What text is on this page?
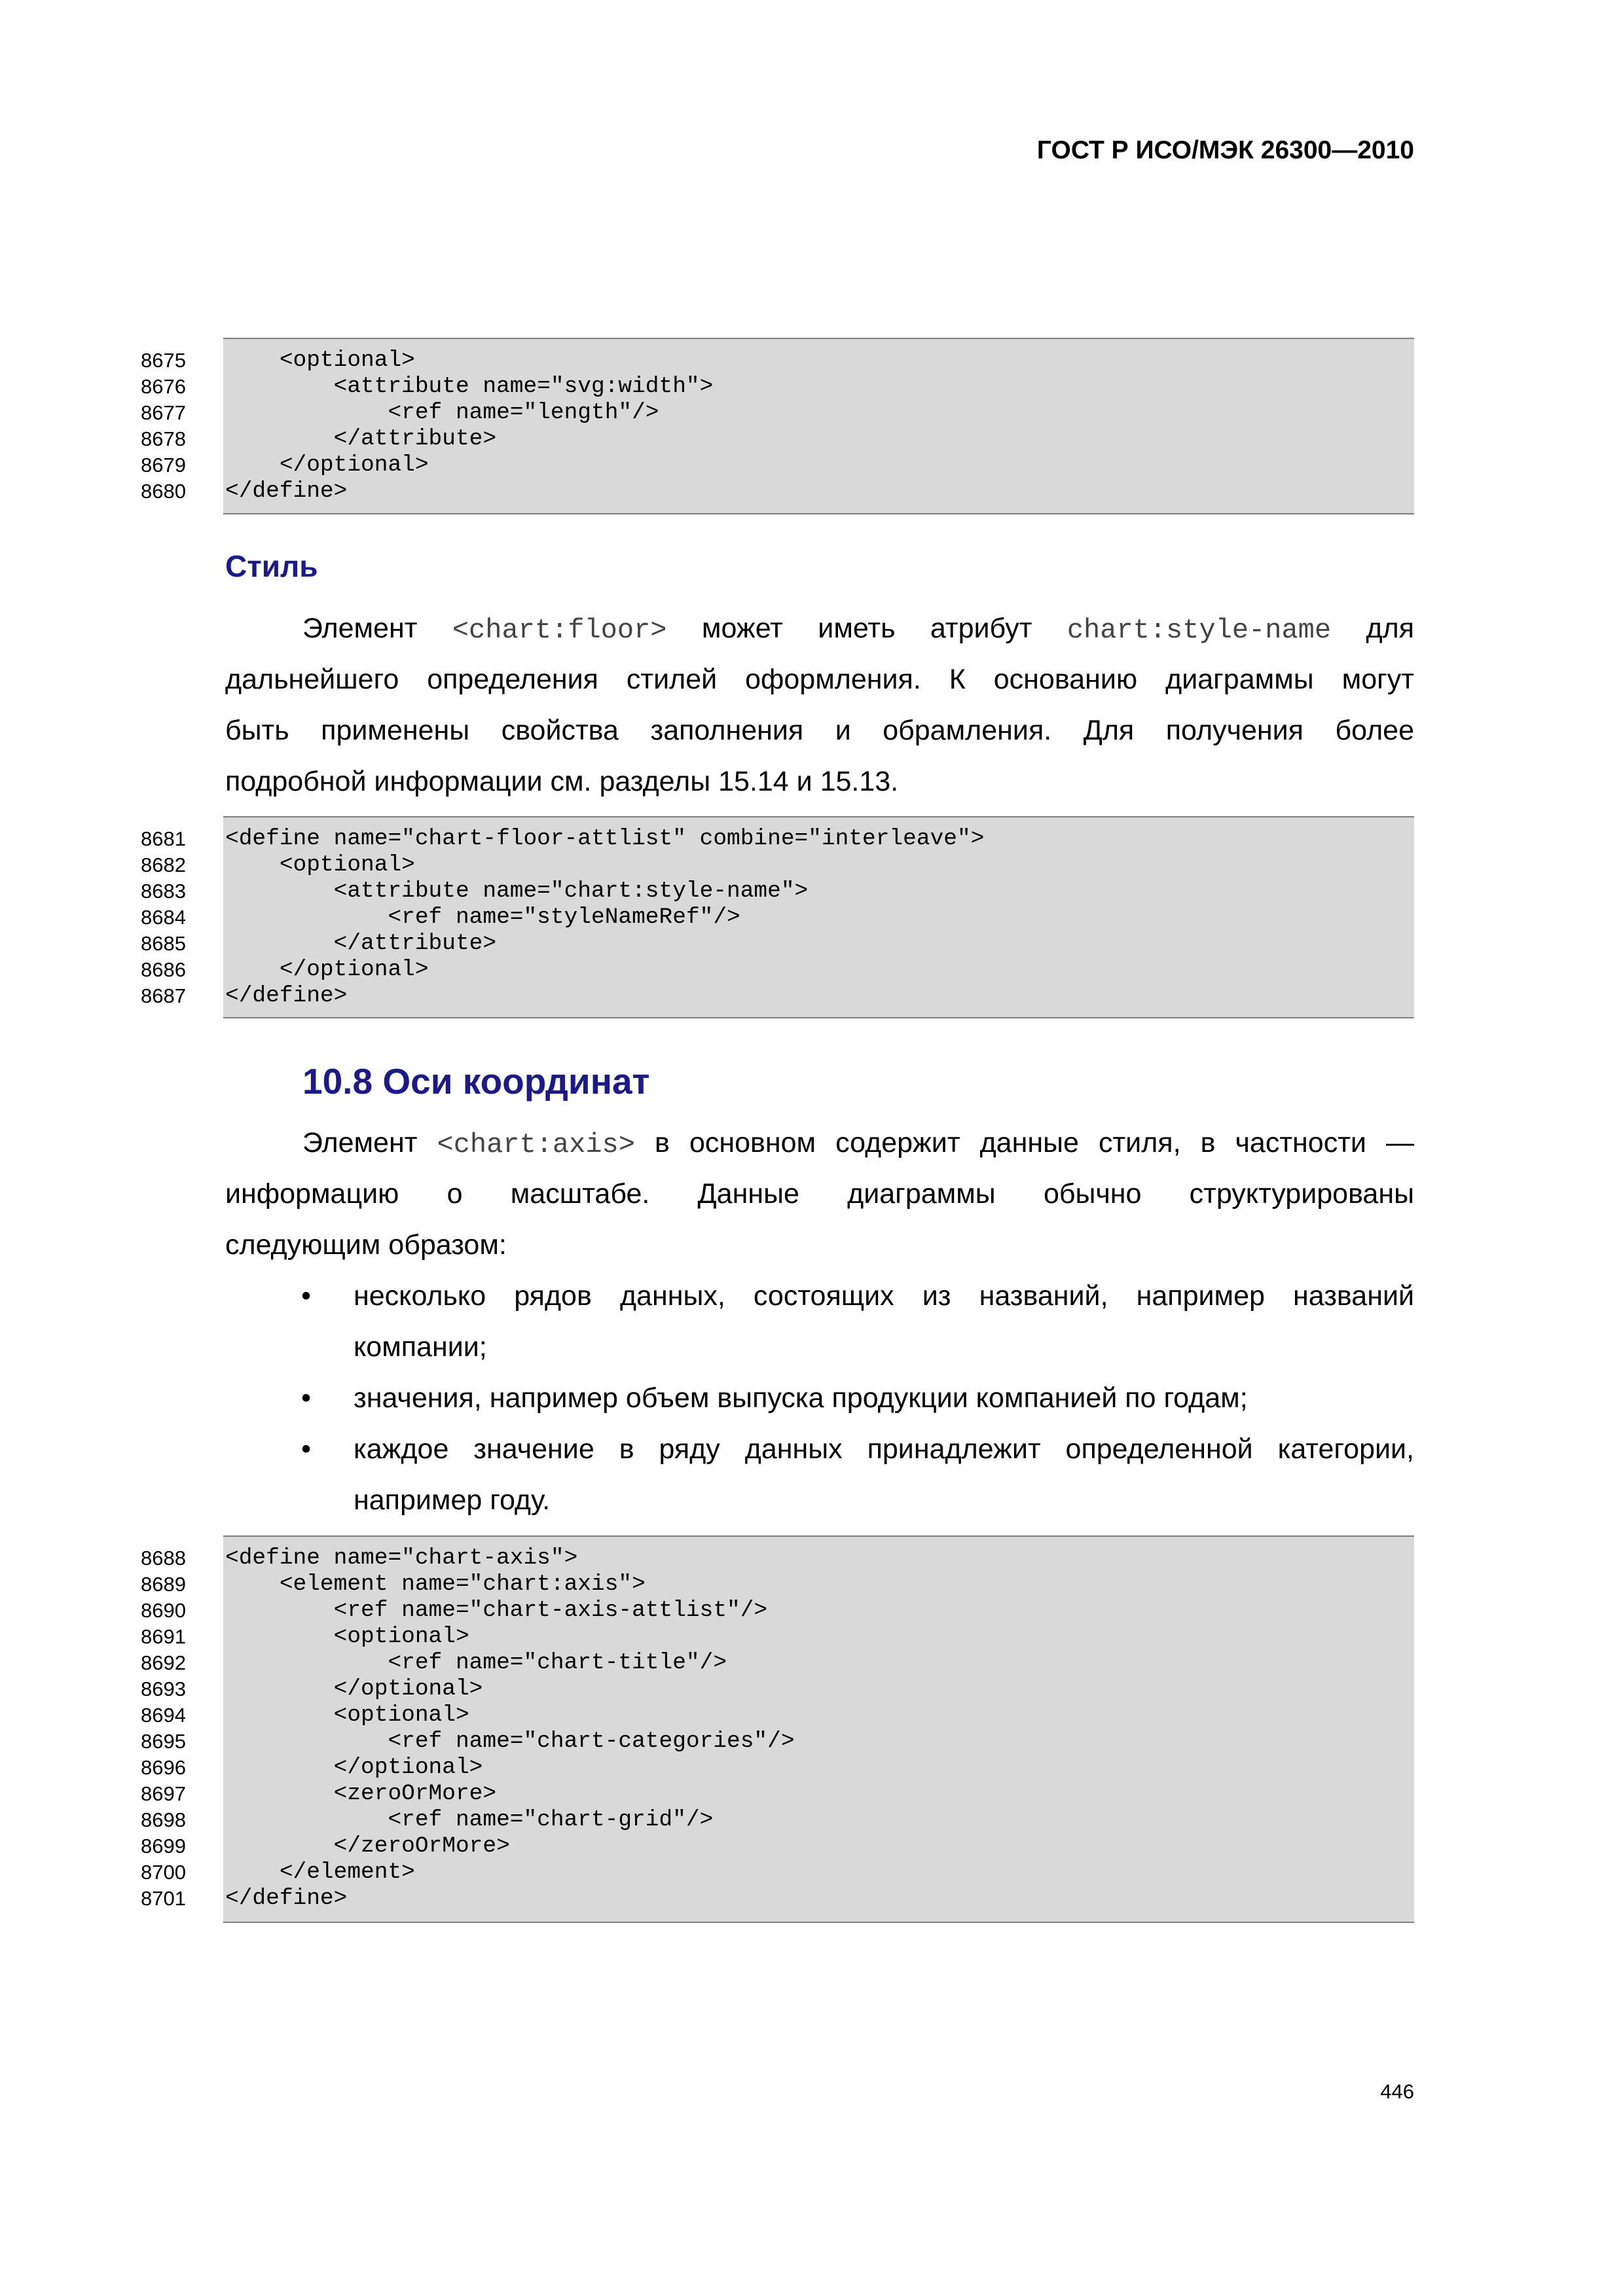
ГОСТ Р ИСО/МЭК 26300—2010
8675 <optional>
8676 <attribute name="svg:width">
8677 <ref name="length"/>
8678 </attribute>
8679 </optional>
8680 </define>
Стиль
Элемент <chart:floor> может иметь атрибут chart:style-name для
дальнейшего определения стилей оформления. К основанию диаграммы могут
быть применены свойства заполнения и обрамления. Для получения более
подробной информации см. разделы 15.14 и 15.13.
8681 <define name="chart-floor-attlist" combine="interleave">
8682 <optional>
8683 <attribute name="chart:style-name">
8684 <ref name="styleNameRef"/>
8685 </attribute>
8686 </optional>
8687 </define>
10.8 Оси координат
Элемент <chart:axis> в основном содержит данные стиля, в частности —
информацию о масштабе. Данные диаграммы обычно структурированы
следующим образом:
• несколько рядов данных, состоящих из названий, например названий
компании;
• значения, например объем выпуска продукции компанией по годам;
• каждое значение в ряду данных принадлежит определенной категории,
например году.
8688 <define name="chart-axis">
8689 <element name="chart:axis">
8690 <ref name="chart-axis-attlist"/>
8691 <optional>
8692 <ref name="chart-title"/>
8693 </optional>
8694 <optional>
8695 <ref name="chart-categories"/>
8696 </optional>
8697 <zeroOrMore>
8698 <ref name="chart-grid"/>
8699 </zeroOrMore>
8700 </element>
8701 </define>
446
